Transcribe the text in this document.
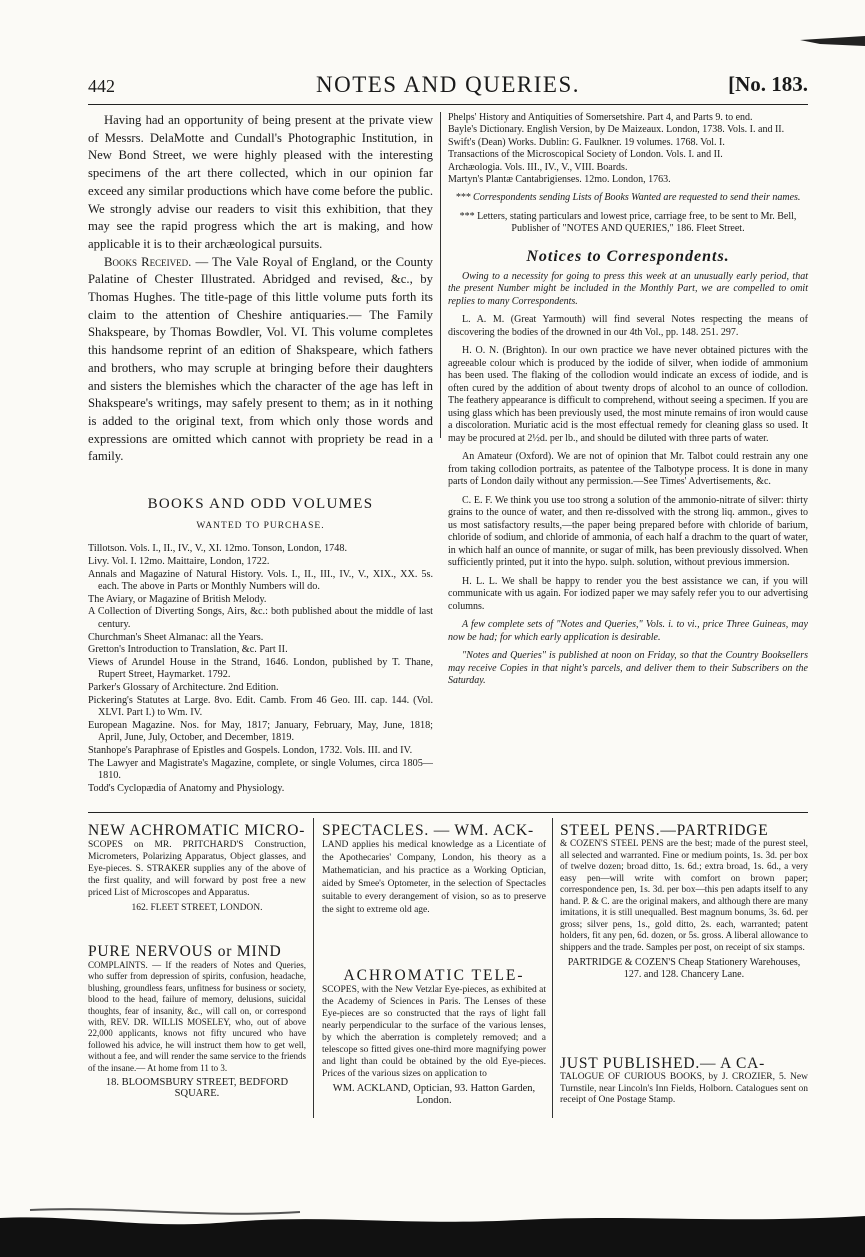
442	NOTES AND QUERIES.	[No. 183.

Having had an opportunity of being present at the private view of Messrs. DelaMotte and Cundall's Photographic Institution, in New Bond Street, we were highly pleased with the interesting specimens of the art there collected, which in our opinion far exceed any similar productions which have come before the public. We strongly advise our readers to visit this exhibition, that they may see the rapid progress which the art is making, and how applicable it is to their archæological pursuits.

Books Received. — The Vale Royal of England, or the County Palatine of Chester Illustrated. Abridged and revised, &c., by Thomas Hughes. The title-page of this little volume puts forth its claim to the attention of Cheshire antiquaries.— The Family Shakspeare, by Thomas Bowdler, Vol. VI. This volume completes this handsome reprint of an edition of Shakspeare, which fathers and brothers, who may scruple at bringing before their daughters and sisters the blemishes which the character of the age has left in Shakspeare's writings, may safely present to them; as in it nothing is added to the original text, from which only those words and expressions are omitted which cannot with propriety be read in a family.

BOOKS AND ODD VOLUMES
WANTED TO PURCHASE.

Tillotson. Vols. I., II., IV., V., XI. 12mo. Tonson, London, 1748.

Livy. Vol. I. 12mo. Maittaire, London, 1722.

Annals and Magazine of Natural History. Vols. I., II., III., IV., V., XIX., XX. 5s. each. The above in Parts or Monthly Numbers will do.

The Aviary, or Magazine of British Melody.

A Collection of Diverting Songs, Airs, &c.: both published about the middle of last century.

Churchman's Sheet Almanac: all the Years.

Gretton's Introduction to Translation, &c. Part II.

Views of Arundel House in the Strand, 1646. London, published by T. Thane, Rupert Street, Haymarket. 1792.

Parker's Glossary of Architecture. 2nd Edition.

Pickering's Statutes at Large. 8vo. Edit. Camb. From 46 Geo. III. cap. 144. (Vol. XLVI. Part I.) to Wm. IV.

European Magazine. Nos. for May, 1817; January, February, May, June, 1818; April, June, July, October, and December, 1819.

Stanhope's Paraphrase of Epistles and Gospels. London, 1732. Vols. III. and IV.

The Lawyer and Magistrate's Magazine, complete, or single Volumes, circa 1805—1810.

Todd's Cyclopædia of Anatomy and Physiology.

Phelps' History and Antiquities of Somersetshire. Part 4, and Parts 9. to end.

Bayle's Dictionary. English Version, by De Maizeaux. London, 1738. Vols. I. and II.

Swift's (Dean) Works. Dublin: G. Faulkner. 19 volumes. 1768. Vol. I.

Transactions of the Microscopical Society of London. Vols. I. and II.

Archæologia. Vols. III., IV., V., VIII. Boards.

Martyn's Plantæ Cantabrigienses. 12mo. London, 1763.

*** Correspondents sending Lists of Books Wanted are requested to send their names.

*** Letters, stating particulars and lowest price, carriage free, to be sent to Mr. Bell, Publisher of "NOTES AND QUERIES," 186. Fleet Street.

Notices to Correspondents.

Owing to a necessity for going to press this week at an unusually early period, that the present Number might be included in the Monthly Part, we are compelled to omit replies to many Correspondents.

L. A. M. (Great Yarmouth) will find several Notes respecting the means of discovering the bodies of the drowned in our 4th Vol., pp. 148. 251. 297.

H. O. N. (Brighton). In our own practice we have never obtained pictures with the agreeable colour which is produced by the iodide of silver, when iodide of ammonium has been used. The flaking of the collodion would indicate an excess of iodide, and is often cured by the addition of about twenty drops of alcohol to an ounce of collodion. The feathery appearance is difficult to comprehend, without seeing a specimen. If you are using glass which has been previously used, the most minute remains of iron would cause a discoloration. Muriatic acid is the most effectual remedy for cleaning glass so used. It may be procured at 2½d. per lb., and should be diluted with three parts of water.

An Amateur (Oxford). We are not of opinion that Mr. Talbot could restrain any one from taking collodion portraits, as patentee of the Talbotype process. It is done in many parts of London daily without any permission.—See Times' Advertisements, &c.

C. E. F. We think you use too strong a solution of the ammonio-nitrate of silver: thirty grains to the ounce of water, and then re-dissolved with the strong liq. ammon., gives to us most satisfactory results,—the paper being prepared before with chloride of barium, chloride of sodium, and chloride of ammonia, of each half a drachm to the quart of water, in which half an ounce of mannite, or sugar of milk, has been previously dissolved. When sufficiently printed, put it into the hypo. sulph. solution, without previous immersion.

H. L. L. We shall be happy to render you the best assistance we can, if you will communicate with us again. For iodized paper we may safely refer you to our advertising columns.

A few complete sets of "Notes and Queries," Vols. i. to vi., price Three Guineas, may now be had; for which early application is desirable.

"Notes and Queries" is published at noon on Friday, so that the Country Booksellers may receive Copies in that night's parcels, and deliver them to their Subscribers on the Saturday.

NEW ACHROMATIC MICRO-

SCOPES on MR. PRITCHARD'S Construction, Micrometers, Polarizing Apparatus, Object glasses, and Eye-pieces. S. STRAKER supplies any of the above of the first quality, and will forward by post free a new priced List of Microscopes and Apparatus.

162. FLEET STREET, LONDON.

PURE NERVOUS or MIND

COMPLAINTS. — If the readers of Notes and Queries, who suffer from depression of spirits, confusion, headache, blushing, groundless fears, unfitness for business or society, blood to the head, failure of memory, delusions, suicidal thoughts, fear of insanity, &c., will call on, or correspond with, REV. DR. WILLIS MOSELEY, who, out of above 22,000 applicants, knows not fifty uncured who have followed his advice, he will instruct them how to get well, without a fee, and will render the same service to the friends of the insane.— At home from 11 to 3.

18. BLOOMSBURY STREET, BEDFORD SQUARE.

SPECTACLES. — WM. ACK-

LAND applies his medical knowledge as a Licentiate of the Apothecaries' Company, London, his theory as a Mathematician, and his practice as a Working Optician, aided by Smee's Optometer, in the selection of Spectacles suitable to every derangement of vision, so as to preserve the sight to extreme old age.

ACHROMATIC TELE-

SCOPES, with the New Vetzlar Eye-pieces, as exhibited at the Academy of Sciences in Paris. The Lenses of these Eye-pieces are so constructed that the rays of light fall nearly perpendicular to the surface of the various lenses, by which the aberration is completely removed; and a telescope so fitted gives one-third more magnifying power and light than could be obtained by the old Eye-pieces. Prices of the various sizes on application to

WM. ACKLAND, Optician, 93. Hatton Garden, London.

STEEL PENS.—PARTRIDGE

& COZEN'S STEEL PENS are the best; made of the purest steel, all selected and warranted. Fine or medium points, 1s. 3d. per box of twelve dozen; broad ditto, 1s. 6d.; extra broad, 1s. 6d., a very easy pen—will write with comfort on brown paper; correspondence pen, 1s. 3d. per box—this pen adapts itself to any hand. P. & C. are the original makers, and although there are many imitations, it is still unequalled. Best magnum bonums, 3s. 6d. per gross; silver pens, 1s., gold ditto, 2s. each, warranted; patent holders, fit any pen, 6d. dozen, or 5s. gross. A liberal allowance to shippers and the trade. Samples per post, on receipt of six stamps.

PARTRIDGE & COZEN'S Cheap Stationery Warehouses, 127. and 128. Chancery Lane.

JUST PUBLISHED.— A CA-

TALOGUE OF CURIOUS BOOKS, by J. CROZIER, 5. New Turnstile, near Lincoln's Inn Fields, Holborn. Catalogues sent on receipt of One Postage Stamp.
